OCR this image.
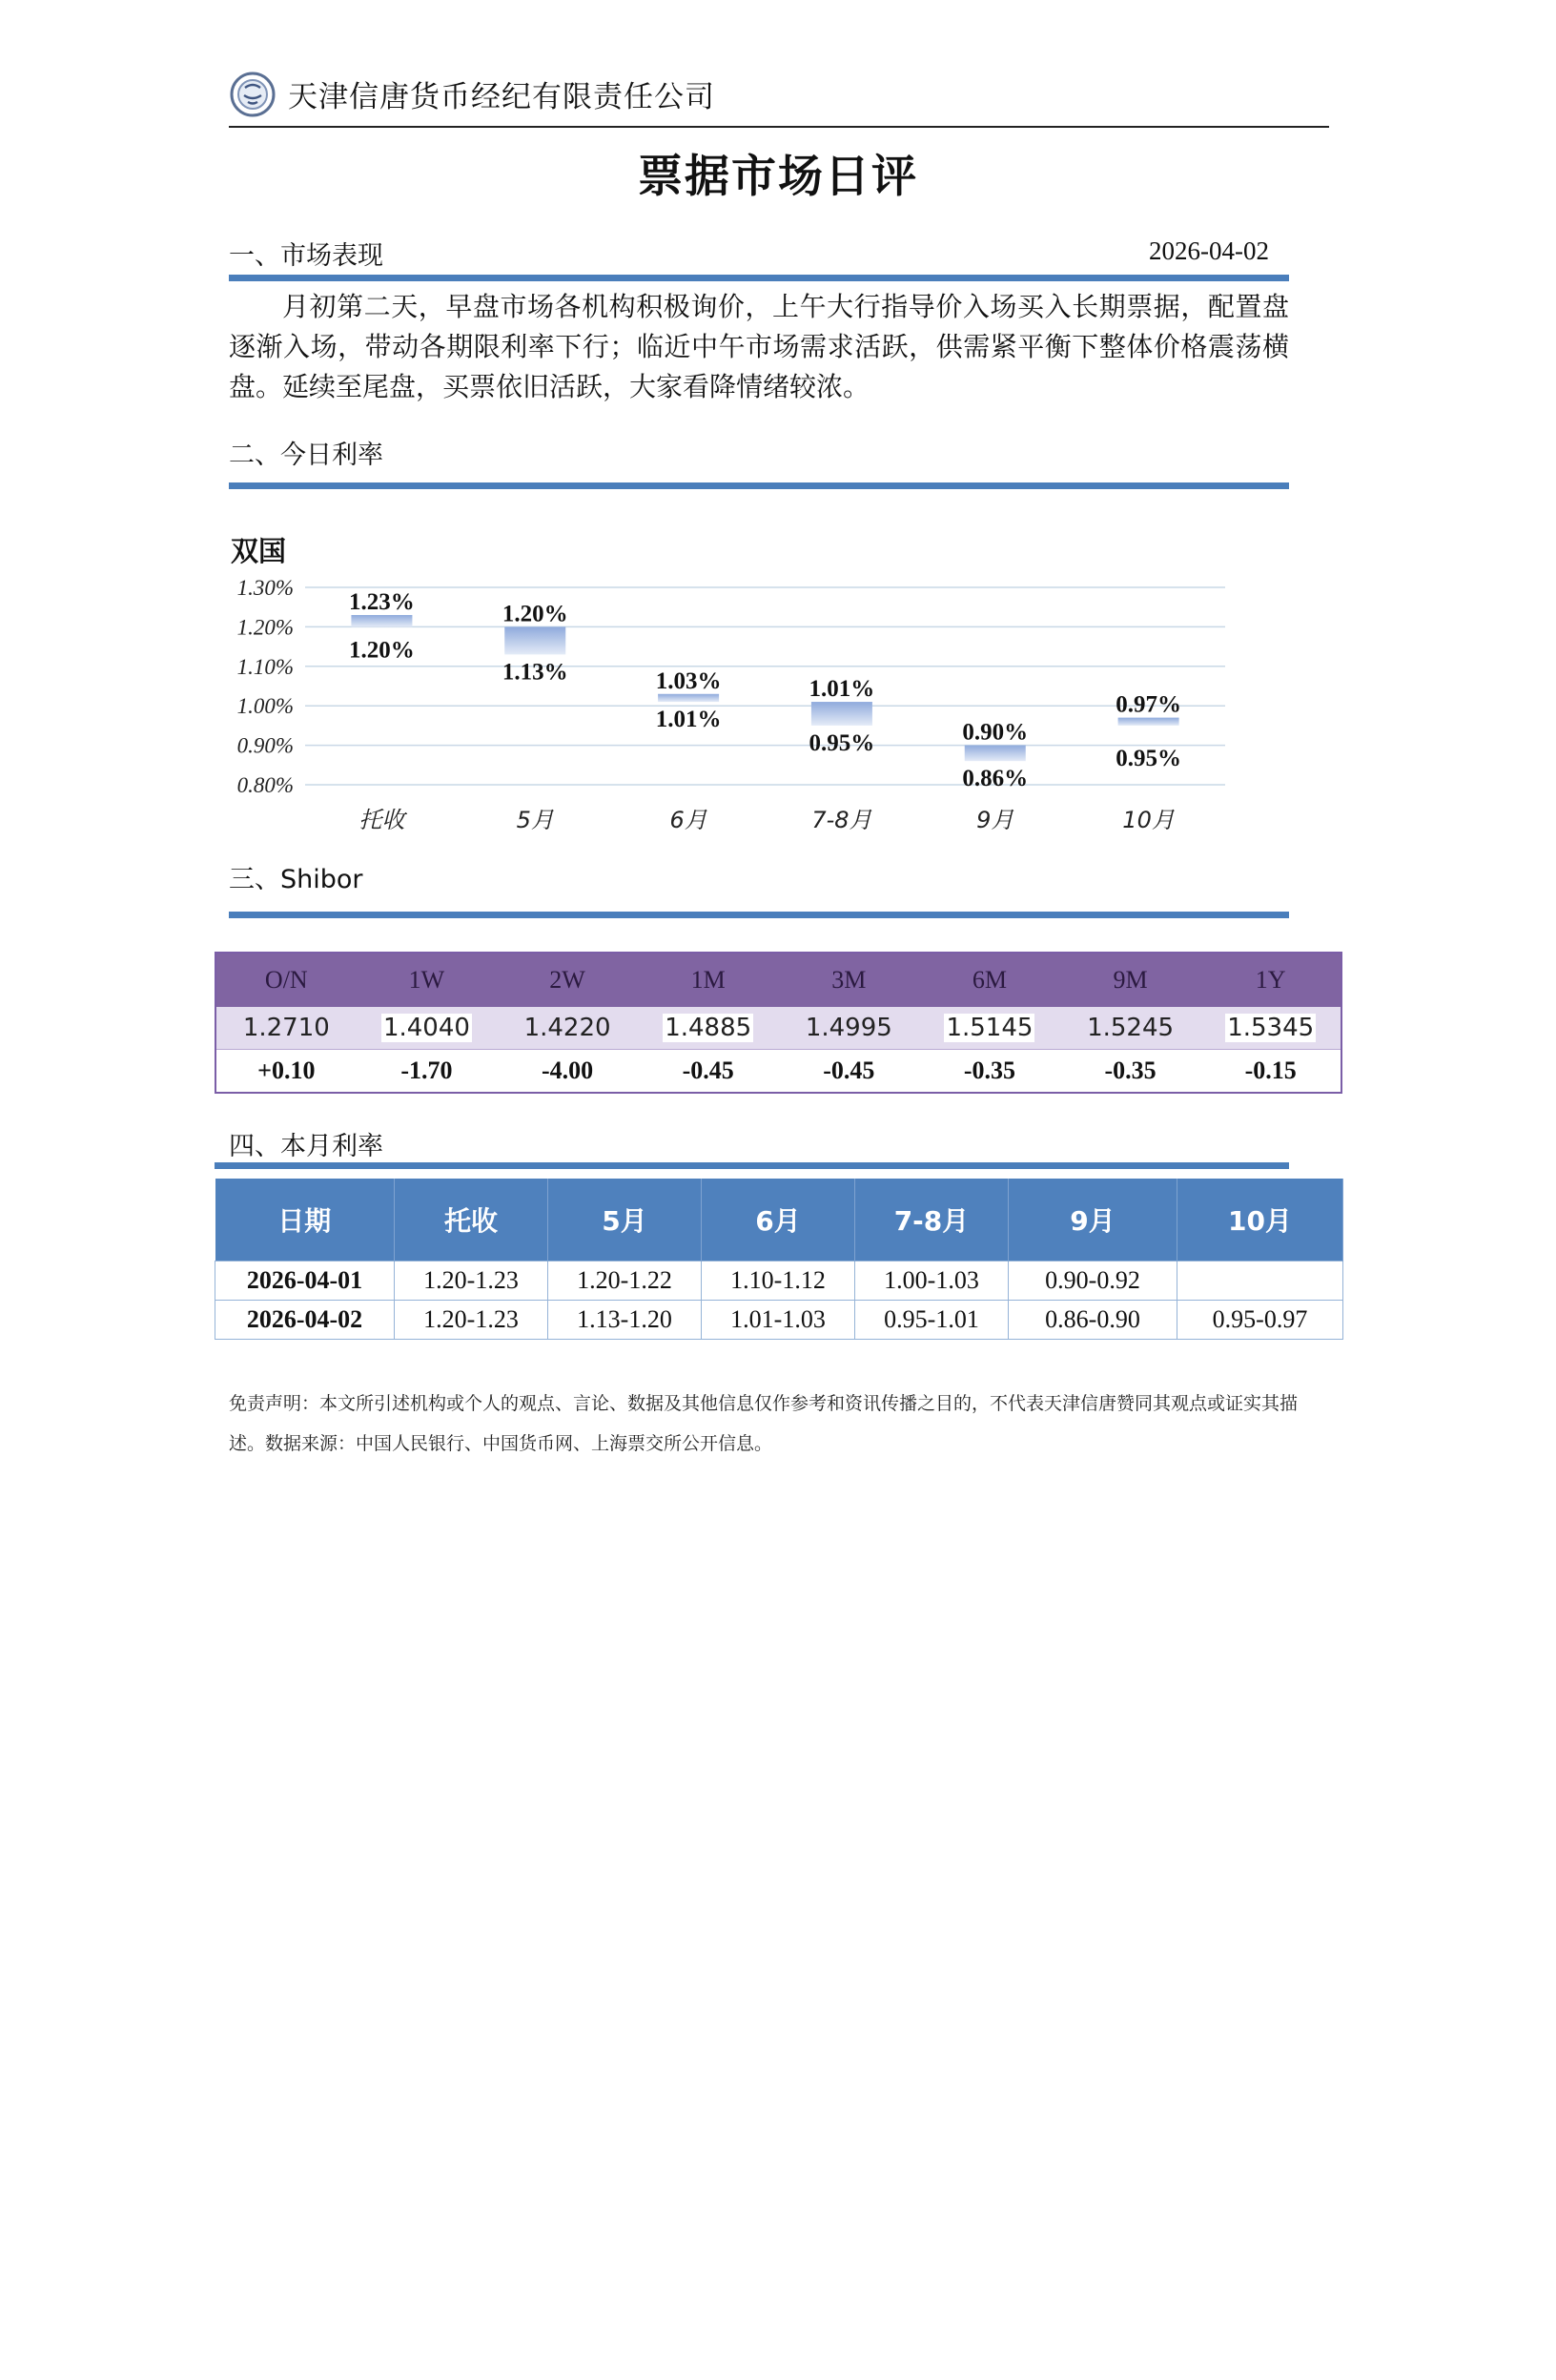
天津信唐货币经纪有限责任公司
票据市场日评
一、市场表现	2026-04-02
月初第二天，早盘市场各机构积极询价，上午大行指导价入场买入长期票据，配置盘逐渐入场，带动各期限利率下行；临近中午市场需求活跃，供需紧平衡下整体价格震荡横盘。延续至尾盘，买票依旧活跃，大家看降情绪较浓。
二、今日利率
双国
1.30%
1.20%
1.10%
1.00%
0.90%
0.80%
1.23%
1.20%
托收
1.20%
1.13%
5月
1.03%
1.01%
6月
1.01%
0.95%
7-8月
0.90%
0.86%
9月
0.97%
0.95%
10月
三、Shibor
O/N	1W	2W	1M	3M	6M	9M	1Y
1.2710	1.4040	1.4220	1.4885	1.4995	1.5145	1.5245	1.5345
+0.10	-1.70	-4.00	-0.45	-0.45	-0.35	-0.35	-0.15
四、本月利率
日期	托收	5月	6月	7-8月	9月	10月
2026-04-01	1.20-1.23	1.20-1.22	1.10-1.12	1.00-1.03	0.90-0.92	
2026-04-02	1.20-1.23	1.13-1.20	1.01-1.03	0.95-1.01	0.86-0.90	0.95-0.97
免责声明：本文所引述机构或个人的观点、言论、数据及其他信息仅作参考和资讯传播之目的，不代表天津信唐赞同其观点或证实其描述。数据来源：中国人民银行、中国货币网、上海票交所公开信息。
